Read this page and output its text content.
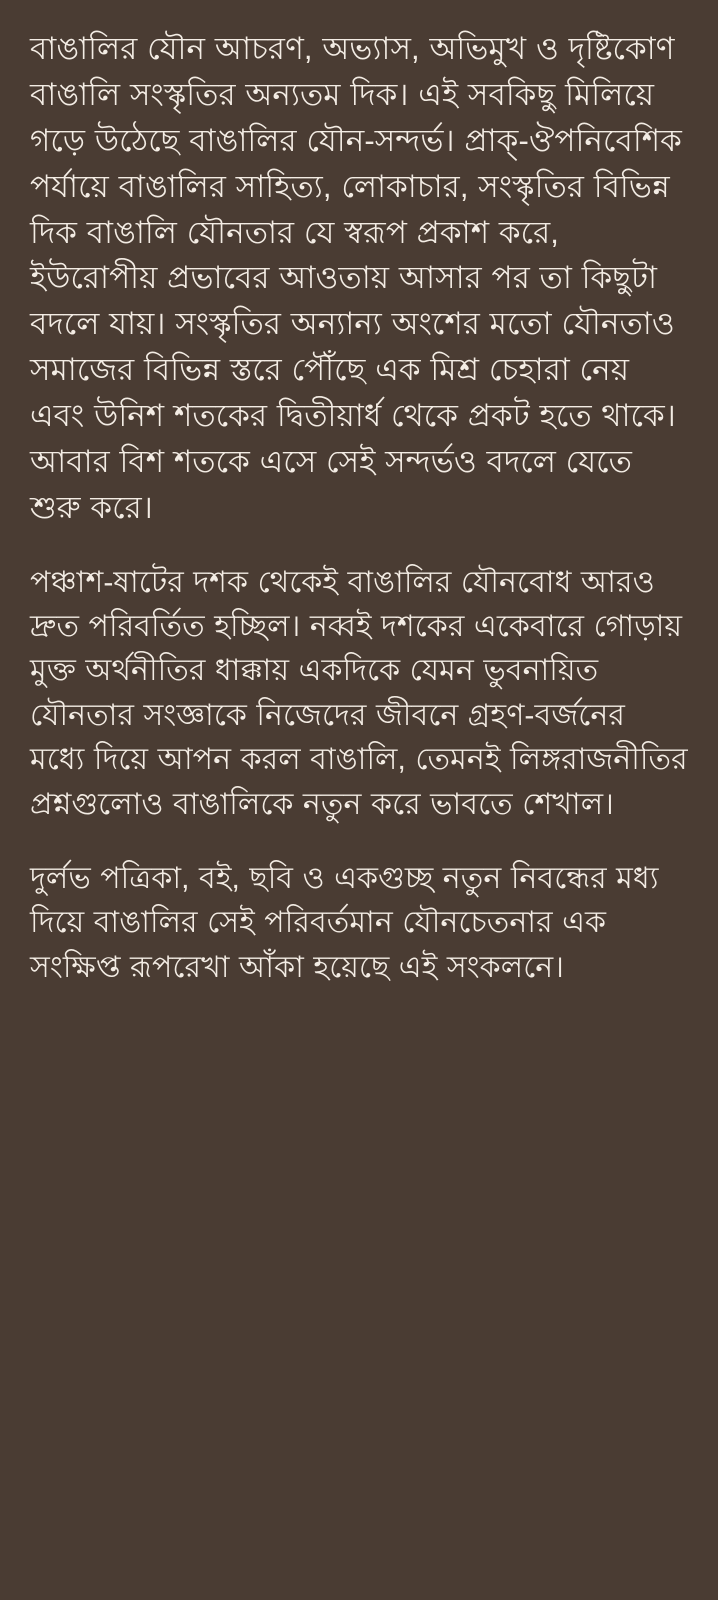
বাঙালির যৌন আচরণ, অভ্যাস, অভিমুখ ও দৃষ্টিকোণ বাঙালি সংস্কৃতির অন্যতম দিক। এই সবকিছু মিলিয়ে গড়ে উঠেছে বাঙালির যৌন-সন্দর্ভ। প্রাক্-ঔপনিবেশিক পর্যায়ে বাঙালির সাহিত্য, লোকাচার, সংস্কৃতির বিভিন্ন দিক বাঙালি যৌনতার যে স্বরূপ প্রকাশ করে, ইউরোপীয় প্রভাবের আওতায় আসার পর তা কিছুটা বদলে যায়। সংস্কৃতির অন্যান্য অংশের মতো যৌনতাও সমাজের বিভিন্ন স্তরে পৌঁছে এক মিশ্র চেহারা নেয় এবং উনিশ শতকের দ্বিতীয়ার্ধ থেকে প্রকট হতে থাকে। আবার বিশ শতকে এসে সেই সন্দর্ভও বদলে যেতে শুরু করে।

পঞ্চাশ-ষাটের দশক থেকেই বাঙালির যৌনবোধ আরও দ্রুত পরিবর্তিত হচ্ছিল। নব্বই দশকের একেবারে গোড়ায় মুক্ত অর্থনীতির ধাক্কায় একদিকে যেমন ভুবনায়িত যৌনতার সংজ্ঞাকে নিজেদের জীবনে গ্রহণ-বর্জনের মধ্যে দিয়ে আপন করল বাঙালি, তেমনই লিঙ্গরাজনীতির প্রশ্নগুলোও বাঙালিকে নতুন করে ভাবতে শেখাল।

দুর্লভ পত্রিকা, বই, ছবি ও একগুচ্ছ নতুন নিবন্ধের মধ্য দিয়ে বাঙালির সেই পরিবর্তমান যৌনচেতনার এক সংক্ষিপ্ত রূপরেখা আঁকা হয়েছে এই সংকলনে।
